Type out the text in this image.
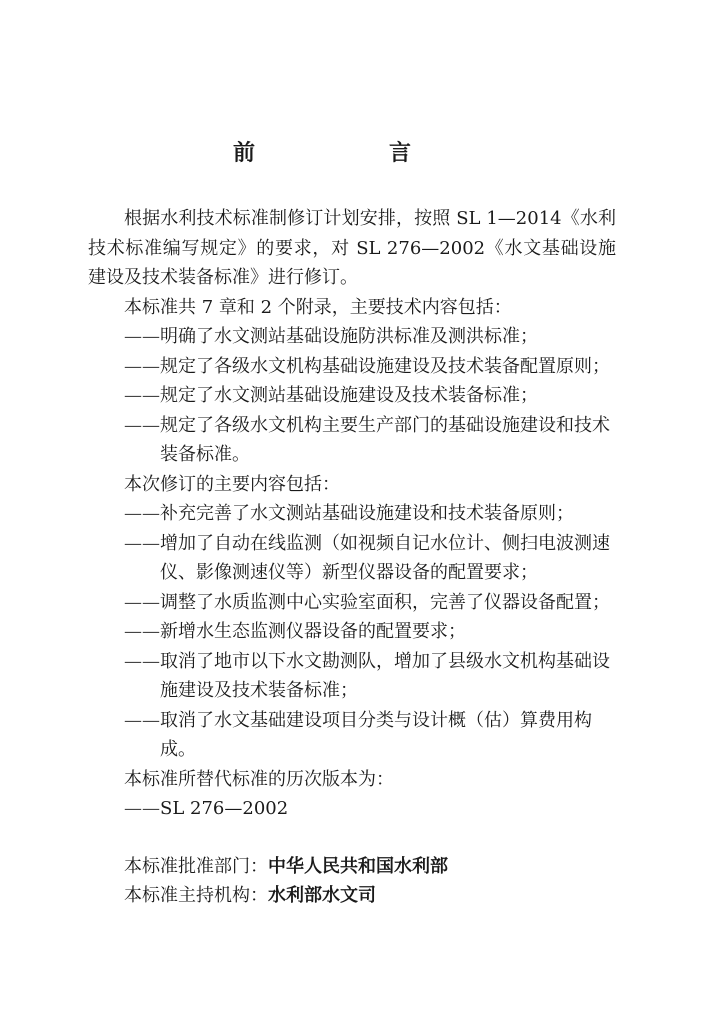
前　言

根据水利技术标准制修订计划安排，按照 SL 1—2014《水利技术标准编写规定》的要求，对 SL 276—2002《水文基础设施建设及技术装备标准》进行修订。

本标准共 7 章和 2 个附录，主要技术内容包括：

——明确了水文测站基础设施防洪标准及测洪标准；

——规定了各级水文机构基础设施建设及技术装备配置原则；

——规定了水文测站基础设施建设及技术装备标准；

——规定了各级水文机构主要生产部门的基础设施建设和技术装备标准。

本次修订的主要内容包括：

——补充完善了水文测站基础设施建设和技术装备原则；

——增加了自动在线监测（如视频自记水位计、侧扫电波测速仪、影像测速仪等）新型仪器设备的配置要求；

——调整了水质监测中心实验室面积，完善了仪器设备配置；

——新增水生态监测仪器设备的配置要求；

——取消了地市以下水文勘测队，增加了县级水文机构基础设施建设及技术装备标准；

——取消了水文基础建设项目分类与设计概（估）算费用构成。

本标准所替代标准的历次版本为：

——SL 276—2002

本标准批准部门：中华人民共和国水利部

本标准主持机构：水利部水文司
